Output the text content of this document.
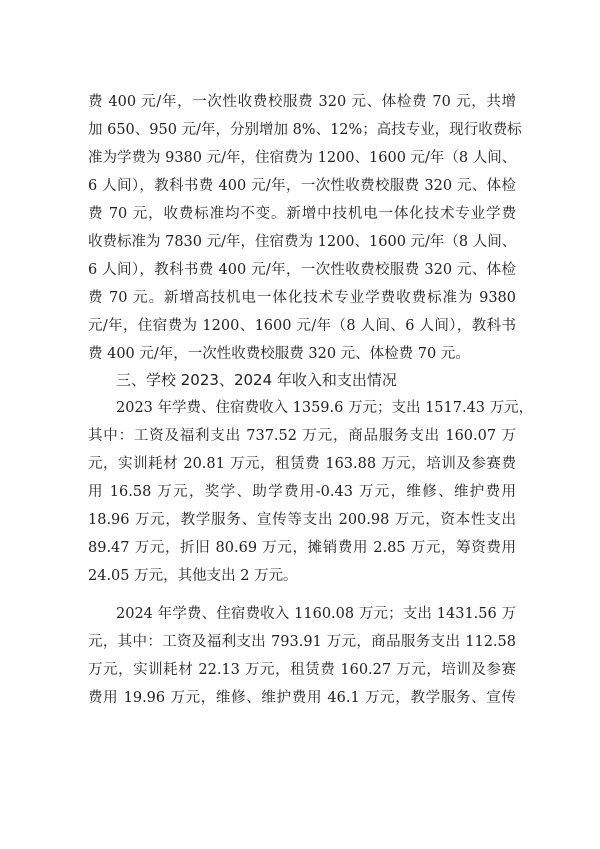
费 400 元/年，一次性收费校服费 320 元、体检费 70 元，共增
加 650、950 元/年，分别增加 8%、12%；高技专业，现行收费标
准为学费为 9380 元/年，住宿费为 1200、1600 元/年（8 人间、
6 人间），教科书费 400 元/年，一次性收费校服费 320 元、体检
费 70 元，收费标准均不变。新增中技机电一体化技术专业学费
收费标准为 7830 元/年，住宿费为 1200、1600 元/年（8 人间、
6 人间），教科书费 400 元/年，一次性收费校服费 320 元、体检
费 70 元。新增高技机电一体化技术专业学费收费标准为 9380
元/年，住宿费为 1200、1600 元/年（8 人间、6 人间），教科书
费 400 元/年，一次性收费校服费 320 元、体检费 70 元。
三、学校 2023、2024 年收入和支出情况
2023 年学费、住宿费收入 1359.6 万元；支出 1517.43 万元，
其中：工资及福利支出 737.52 万元，商品服务支出 160.07 万
元，实训耗材 20.81 万元，租赁费 163.88 万元，培训及参赛费
用 16.58 万元，奖学、助学费用-0.43 万元，维修、维护费用
18.96 万元，教学服务、宣传等支出 200.98 万元，资本性支出
89.47 万元，折旧 80.69 万元，摊销费用 2.85 万元，筹资费用
24.05 万元，其他支出 2 万元。
2024 年学费、住宿费收入 1160.08 万元；支出 1431.56 万
元，其中：工资及福利支出 793.91 万元，商品服务支出 112.58
万元，实训耗材 22.13 万元，租赁费 160.27 万元，培训及参赛
费用 19.96 万元，维修、维护费用 46.1 万元，教学服务、宣传
